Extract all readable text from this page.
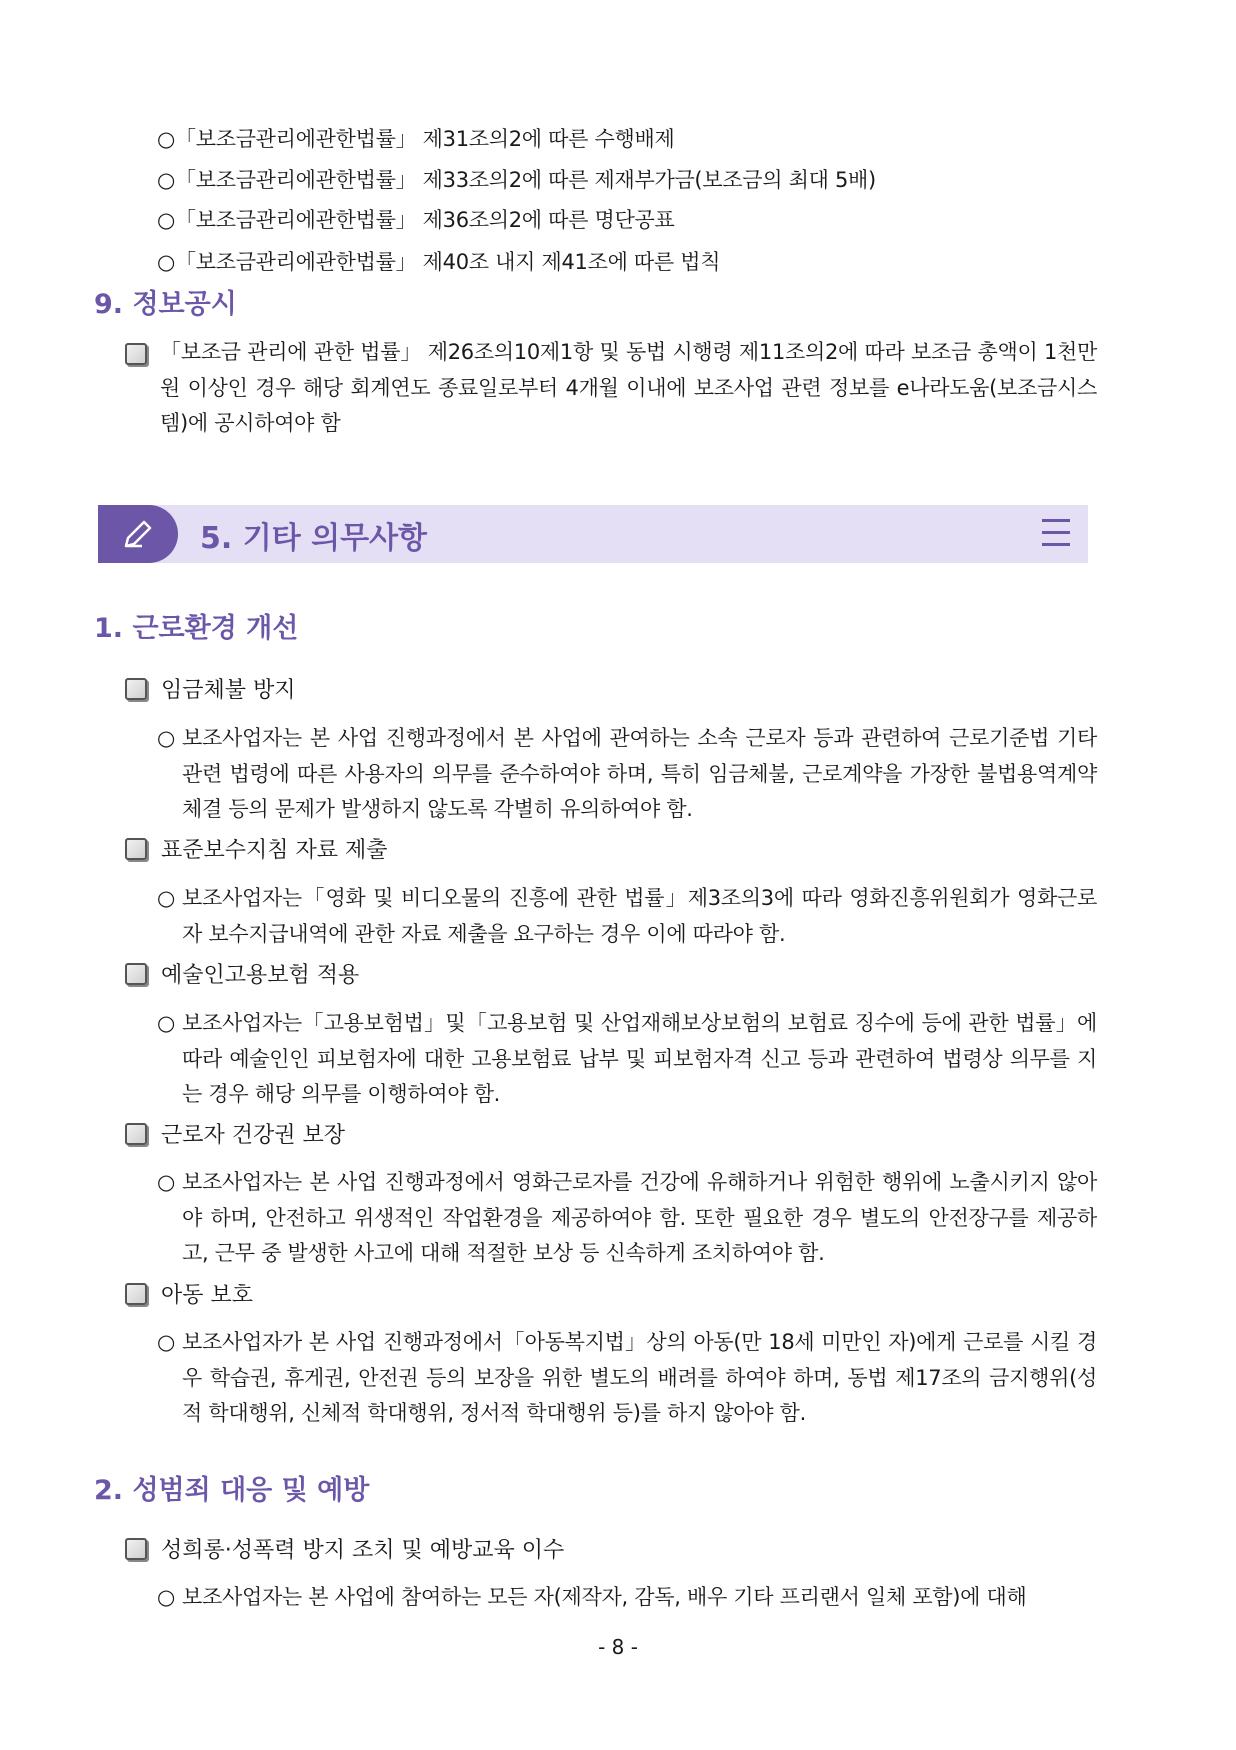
○「보조금관리에관한법률」 제31조의2에 따른 수행배제
○「보조금관리에관한법률」 제33조의2에 따른 제재부가금(보조금의 최대 5배)
○「보조금관리에관한법률」 제36조의2에 따른 명단공표
○「보조금관리에관한법률」 제40조 내지 제41조에 따른 법칙
9. 정보공시
「보조금 관리에 관한 법률」 제26조의10제1항 및 동법 시행령 제11조의2에 따라 보조금 총액이 1천만 원 이상인 경우 해당 회계연도 종료일로부터 4개월 이내에 보조사업 관련 정보를 e나라도움(보조금시스템)에 공시하여야 함
5. 기타 의무사항
1. 근로환경 개선
임금체불 방지
○ 보조사업자는 본 사업 진행과정에서 본 사업에 관여하는 소속 근로자 등과 관련하여 근로기준법 기타 관련 법령에 따른 사용자의 의무를 준수하여야 하며, 특히 임금체불, 근로계약을 가장한 불법용역계약 체결 등의 문제가 발생하지 않도록 각별히 유의하여야 함.
표준보수지침 자료 제출
○ 보조사업자는「영화 및 비디오물의 진흥에 관한 법률」제3조의3에 따라 영화진흥위원회가 영화근로자 보수지급내역에 관한 자료 제출을 요구하는 경우 이에 따라야 함.
예술인고용보험 적용
○ 보조사업자는「고용보험법」및「고용보험 및 산업재해보상보험의 보험료 징수에 등에 관한 법률」에 따라 예술인인 피보험자에 대한 고용보험료 납부 및 피보험자격 신고 등과 관련하여 법령상 의무를 지는 경우 해당 의무를 이행하여야 함.
근로자 건강권 보장
○ 보조사업자는 본 사업 진행과정에서 영화근로자를 건강에 유해하거나 위험한 행위에 노출시키지 않아야 하며, 안전하고 위생적인 작업환경을 제공하여야 함. 또한 필요한 경우 별도의 안전장구를 제공하고, 근무 중 발생한 사고에 대해 적절한 보상 등 신속하게 조치하여야 함.
아동 보호
○ 보조사업자가 본 사업 진행과정에서「아동복지법」상의 아동(만 18세 미만인 자)에게 근로를 시킬 경우 학습권, 휴게권, 안전권 등의 보장을 위한 별도의 배려를 하여야 하며, 동법 제17조의 금지행위(성적 학대행위, 신체적 학대행위, 정서적 학대행위 등)를 하지 않아야 함.
2. 성범죄 대응 및 예방
성희롱·성폭력 방지 조치 및 예방교육 이수
○ 보조사업자는 본 사업에 참여하는 모든 자(제작자, 감독, 배우 기타 프리랜서 일체 포함)에 대해
- 8 -
